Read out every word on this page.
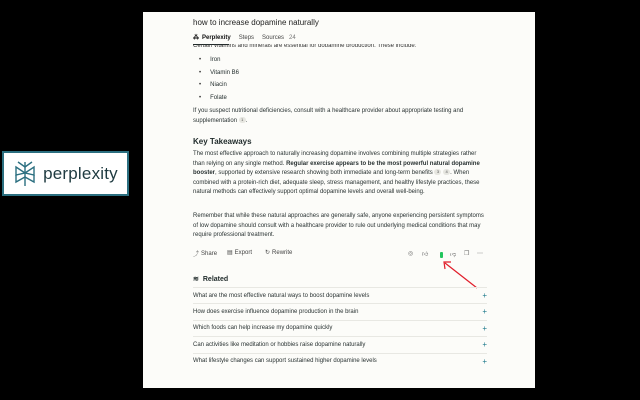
perplexity
how to increase dopamine naturally
⁂ Perplexity Steps Sources 24
Certain vitamins and minerals are essential for dopamine production. These include:
• Iron
• Vitamin B6
• Niacin
• Folate
If you suspect nutritional deficiencies, consult with a healthcare provider about appropriate testing and supplementation 1 .
Key Takeaways
The most effective approach to naturally increasing dopamine involves combining multiple strategies rather than relying on any single method. Regular exercise appears to be the most powerful natural dopamine booster, supported by extensive research showing both immediate and long-term benefits 3 4 . When combined with a protein-rich diet, adequate sleep, stress management, and healthy lifestyle practices, these natural methods can effectively support optimal dopamine levels and overall well-being.
Remember that while these natural approaches are generally safe, anyone experiencing persistent symptoms of low dopamine should consult with a healthcare provider to rule out underlying medical conditions that may require professional treatment.
⤴ Share ▤ Export ↻ Rewrite	◎ 👍︎	👎︎ ❐ ⋯
≋ Related
What are the most effective natural ways to boost dopamine levels	+
How does exercise influence dopamine production in the brain	+
Which foods can help increase my dopamine quickly	+
Can activities like meditation or hobbies raise dopamine naturally	+
What lifestyle changes can support sustained higher dopamine levels	+
